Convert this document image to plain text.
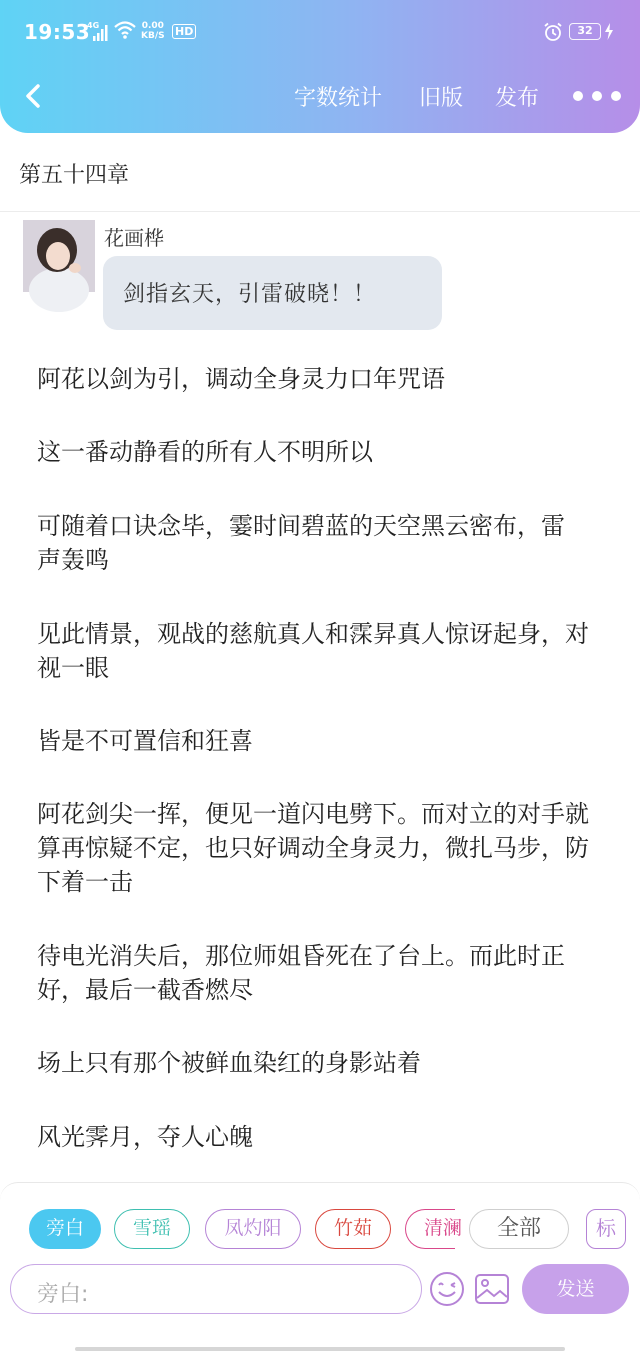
19:53
4G	0.00
KB/S HD	32
字数统计 旧版 发布
第五十四章
花画桦
剑指玄天，引雷破晓！！
阿花以剑为引，调动全身灵力口年咒语
这一番动静看的所有人不明所以
可随着口诀念毕，霎时间碧蓝的天空黑云密布，雷声轰鸣
见此情景，观战的慈航真人和霂昇真人惊讶起身，对视一眼
皆是不可置信和狂喜
阿花剑尖一挥，便见一道闪电劈下。而对立的对手就算再惊疑不定，也只好调动全身灵力，微扎马步，防下着一击
待电光消失后，那位师姐昏死在了台上。而此时正好，最后一截香燃尽
场上只有那个被鲜血染红的身影站着
风光霁月，夺人心魄
旁白	雪瑶	凤灼阳	竹茹	清澜	全部	标
旁白:	发送
